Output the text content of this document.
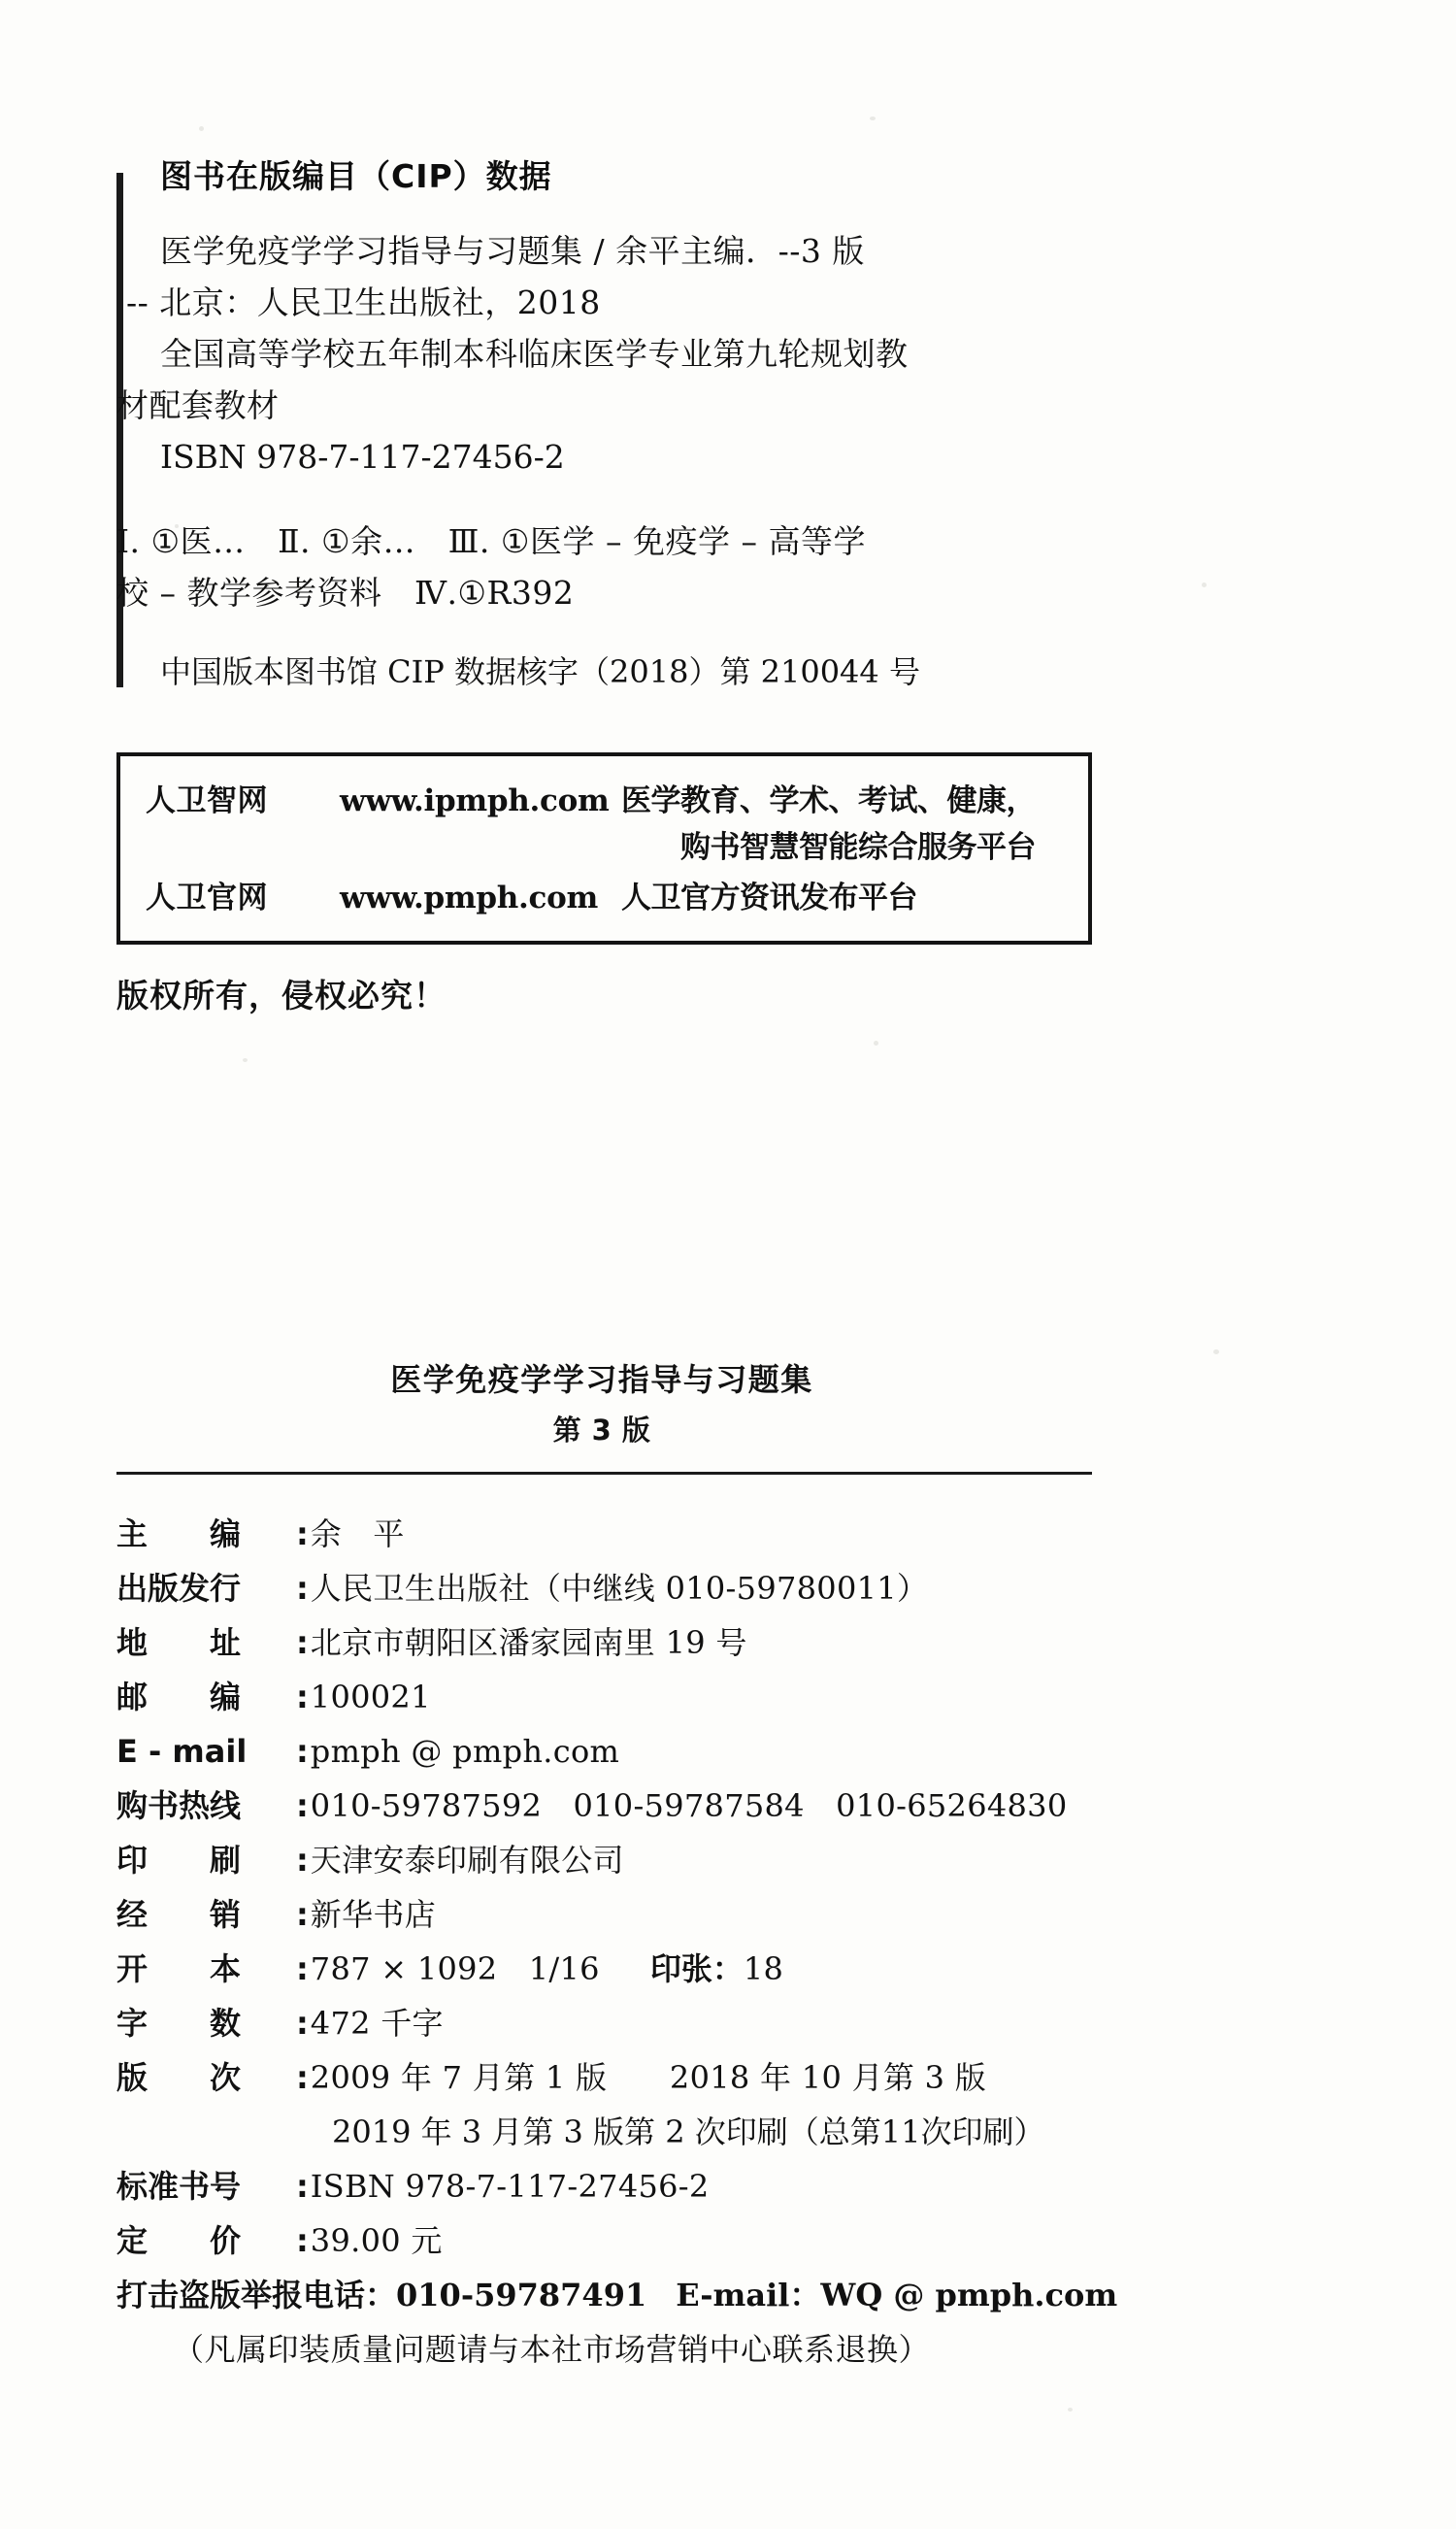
图书在版编目（CIP）数据
医学免疫学学习指导与习题集 / 余平主编．--3 版
-- 北京：人民卫生出版社，2018
全国高等学校五年制本科临床医学专业第九轮规划教
材配套教材
ISBN 978-7-117-27456-2
Ⅰ. ①医…　Ⅱ. ①余…　Ⅲ. ①医学 – 免疫学 – 高等学
校 – 教学参考资料　Ⅳ.①R392
中国版本图书馆 CIP 数据核字（2018）第 210044 号
人卫智网	www.ipmph.com 医学教育、学术、考试、健康，
购书智慧智能综合服务平台
人卫官网	www.pmph.com 人卫官方资讯发布平台
版权所有，侵权必究！
医学免疫学学习指导与习题集
第 3 版
主　　编	: 余　平
出版发行	: 人民卫生出版社（中继线 010-59780011）
地　　址	: 北京市朝阳区潘家园南里 19 号
邮　　编	: 100021
E - mail	: pmph @ pmph.com
购书热线	: 010-59787592　010-59787584　010-65264830
印　　刷	: 天津安泰印刷有限公司
经　　销	: 新华书店
开　　本	: 787 × 1092　1/16 印张： 18
字　　数	: 472 千字
版　　次	: 2009 年 7 月第 1 版　　2018 年 10 月第 3 版
2019 年 3 月第 3 版第 2 次印刷（总第11次印刷）
标准书号	: ISBN 978-7-117-27456-2
定　　价	: 39.00 元
打击盗版举报电话： 010-59787491 E-mail： WQ @ pmph.com
（凡属印装质量问题请与本社市场营销中心联系退换）
